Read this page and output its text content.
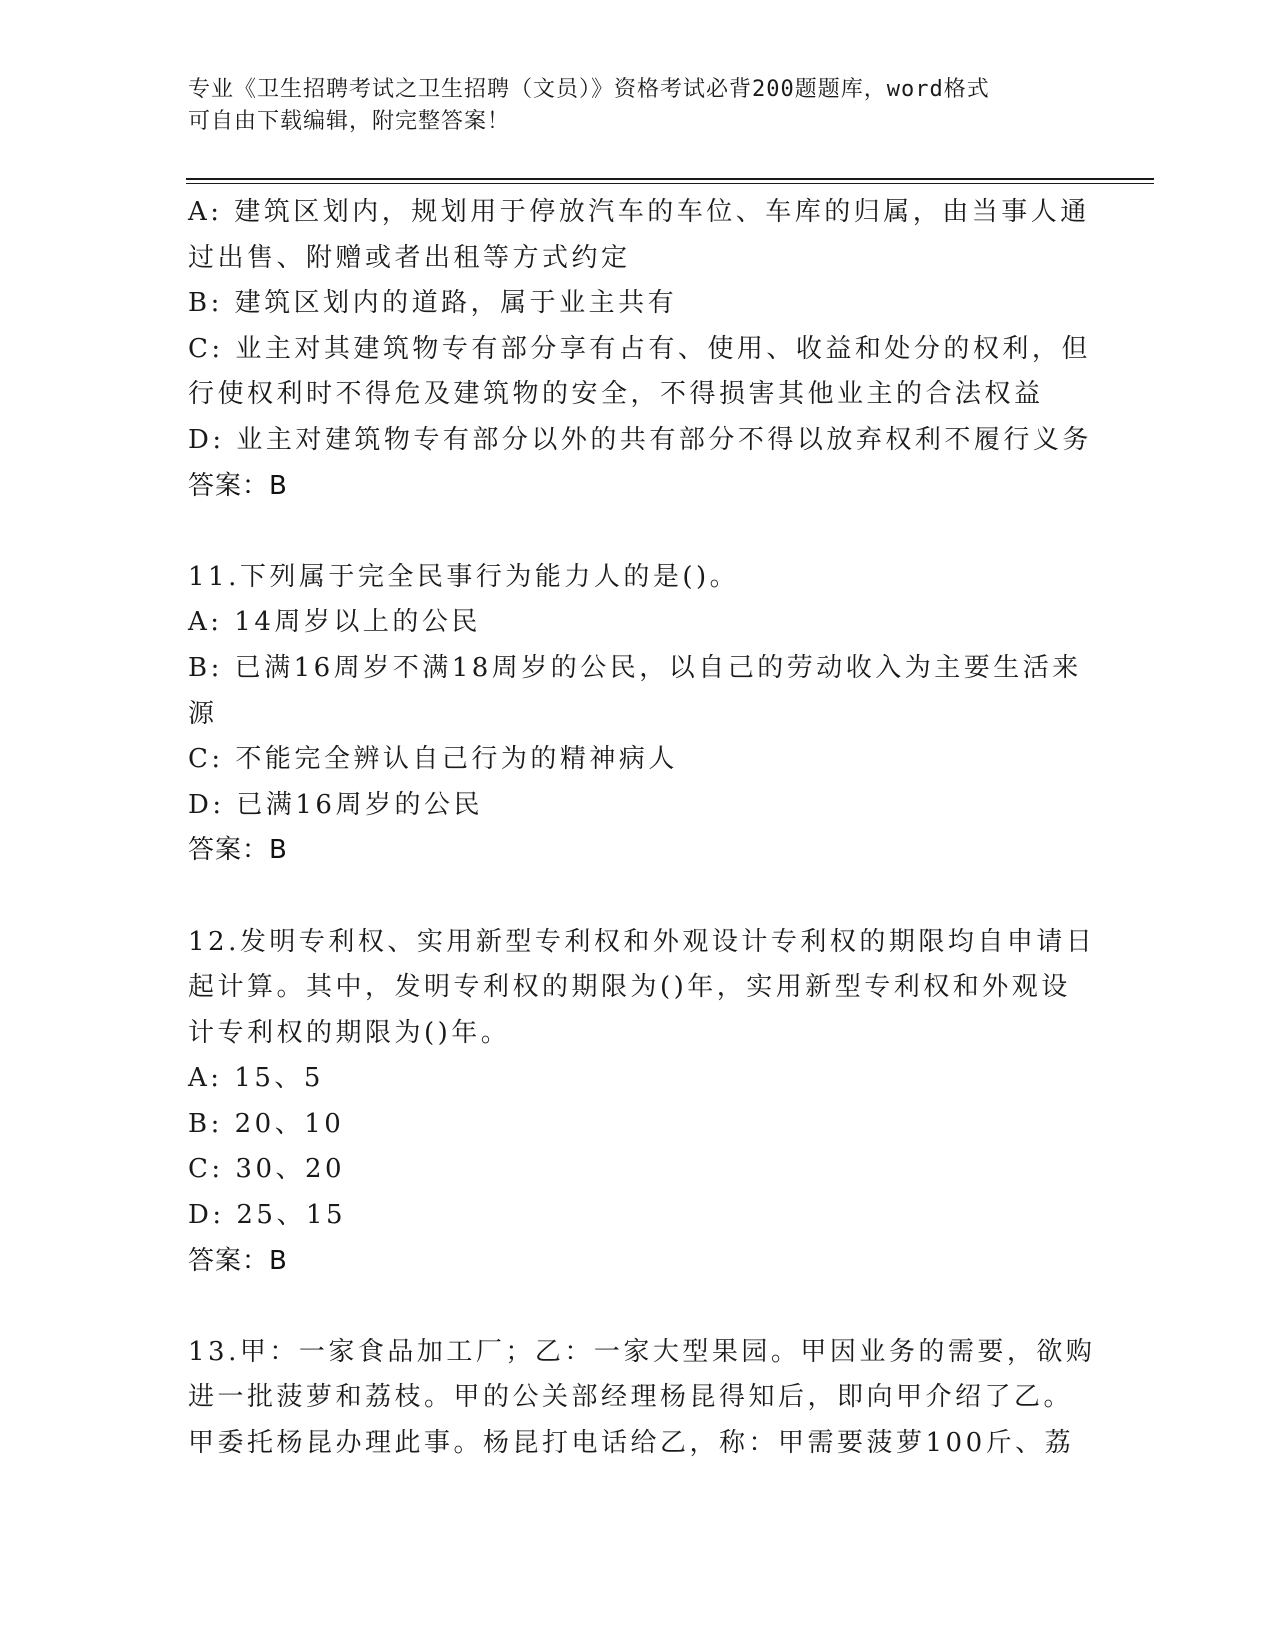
专业《卫生招聘考试之卫生招聘（文员）》资格考试必背200题题库，word格式
可自由下载编辑，附完整答案！
A: 建筑区划内，规划用于停放汽车的车位、车库的归属，由当事人通
过出售、附赠或者出租等方式约定
B: 建筑区划内的道路，属于业主共有
C: 业主对其建筑物专有部分享有占有、使用、收益和处分的权利，但
行使权利时不得危及建筑物的安全，不得损害其他业主的合法权益
D: 业主对建筑物专有部分以外的共有部分不得以放弃权利不履行义务
答案：B
11.下列属于完全民事行为能力人的是()。
A: 14周岁以上的公民
B: 已满16周岁不满18周岁的公民，以自己的劳动收入为主要生活来
源
C: 不能完全辨认自己行为的精神病人
D: 已满16周岁的公民
答案：B
12.发明专利权、实用新型专利权和外观设计专利权的期限均自申请日
起计算。其中，发明专利权的期限为()年，实用新型专利权和外观设
计专利权的期限为()年。
A: 15、5
B: 20、10
C: 30、20
D: 25、15
答案：B
13.甲：一家食品加工厂；乙：一家大型果园。甲因业务的需要，欲购
进一批菠萝和荔枝。甲的公关部经理杨昆得知后，即向甲介绍了乙。
甲委托杨昆办理此事。杨昆打电话给乙，称：甲需要菠萝100斤、荔
